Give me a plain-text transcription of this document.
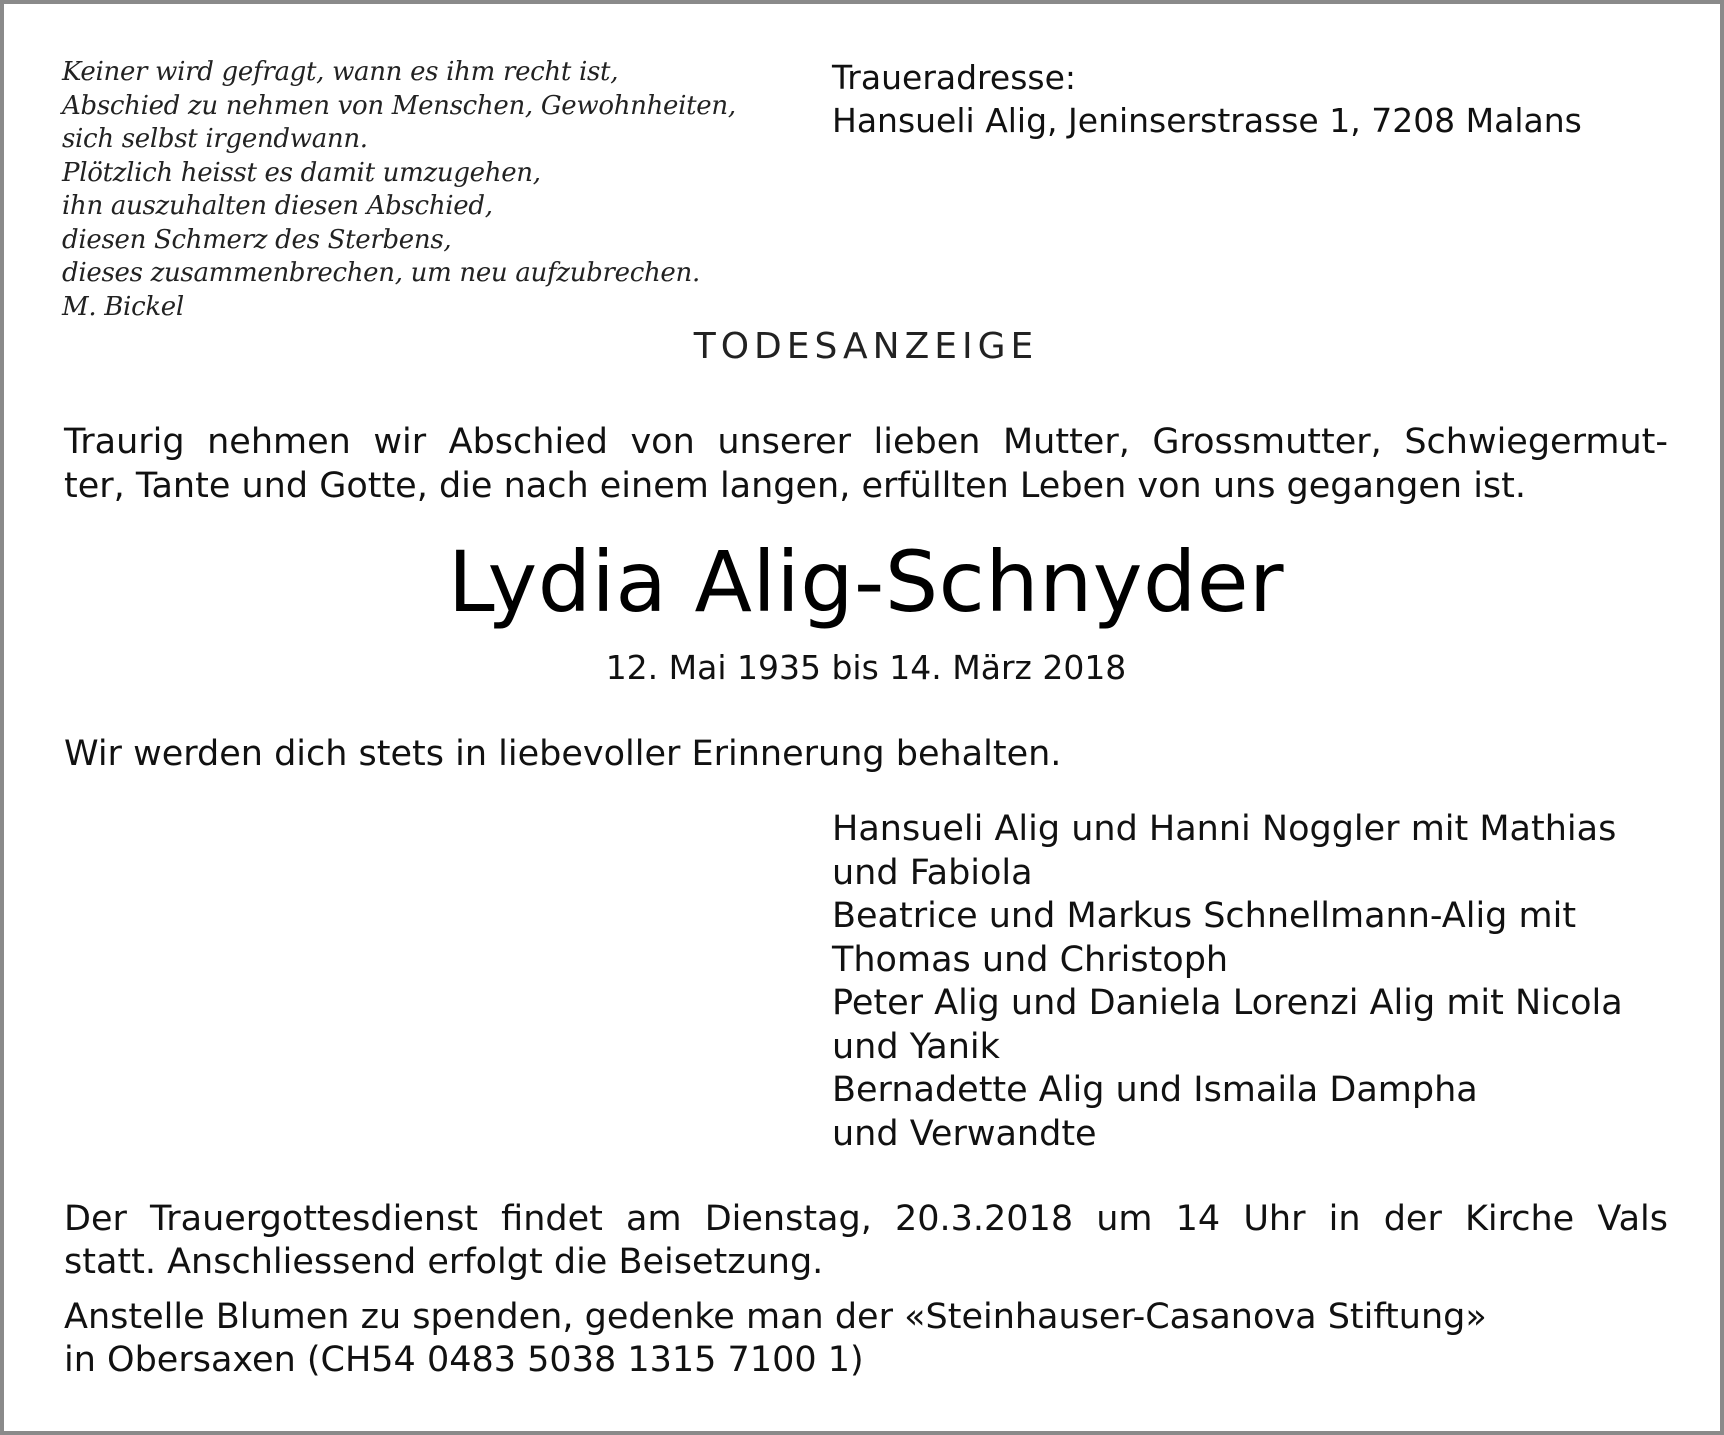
Keiner wird gefragt, wann es ihm recht ist,
Abschied zu nehmen von Menschen, Gewohnheiten,
sich selbst irgendwann.
Plötzlich heisst es damit umzugehen,
ihn auszuhalten diesen Abschied,
diesen Schmerz des Sterbens,
dieses zusammenbrechen, um neu aufzubrechen.
M. Bickel
Traueradresse:
Hansueli Alig, Jeninserstrasse 1, 7208 Malans
TODESANZEIGE
Traurig nehmen wir Abschied von unserer lieben Mutter, Grossmutter, Schwiegermut-
ter, Tante und Gotte, die nach einem langen, erfüllten Leben von uns gegangen ist.
Lydia Alig-Schnyder
12. Mai 1935 bis 14. März 2018
Wir werden dich stets in liebevoller Erinnerung behalten.
Hansueli Alig und Hanni Noggler mit Mathias
und Fabiola
Beatrice und Markus Schnellmann-Alig mit
Thomas und Christoph
Peter Alig und Daniela Lorenzi Alig mit Nicola
und Yanik
Bernadette Alig und Ismaila Dampha
und Verwandte
Der Trauergottesdienst findet am Dienstag, 20.3.2018 um 14 Uhr in der Kirche Vals
statt. Anschliessend erfolgt die Beisetzung.
Anstelle Blumen zu spenden, gedenke man der «Steinhauser-Casanova Stiftung»
in Obersaxen (CH54 0483 5038 1315 7100 1)
